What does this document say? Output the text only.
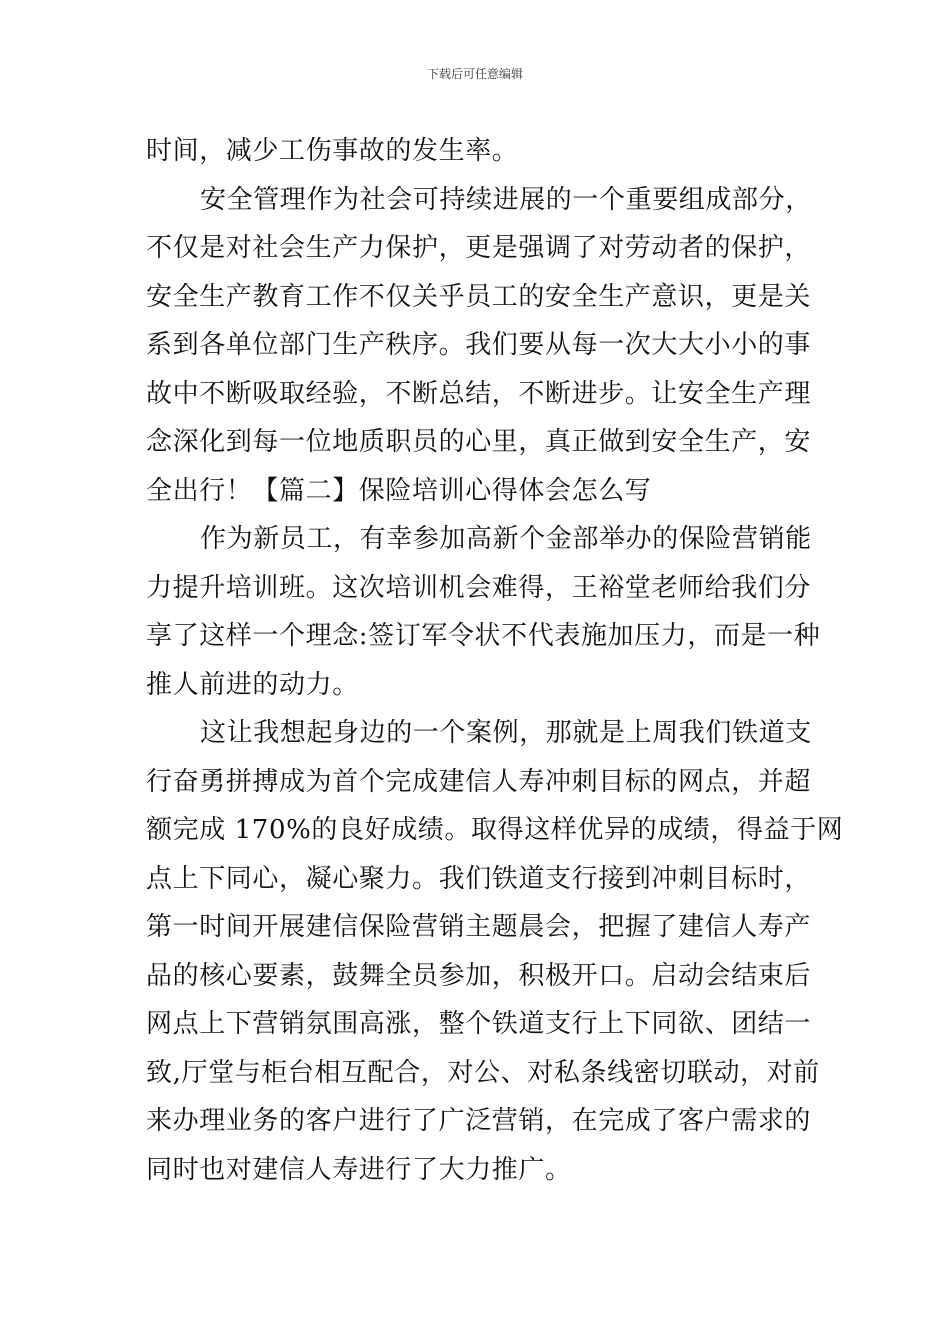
下载后可任意编辑
时间，减少工伤事故的发生率。
安全管理作为社会可持续进展的一个重要组成部分，
不仅是对社会生产力保护，更是强调了对劳动者的保护，
安全生产教育工作不仅关乎员工的安全生产意识，更是关
系到各单位部门生产秩序。我们要从每一次大大小小的事
故中不断吸取经验，不断总结，不断进步。让安全生产理
念深化到每一位地质职员的心里，真正做到安全生产，安
全出行！【篇二】保险培训心得体会怎么写
作为新员工，有幸参加高新个金部举办的保险营销能
力提升培训班。这次培训机会难得，王裕堂老师给我们分
享了这样一个理念:签订军令状不代表施加压力，而是一种
推人前进的动力。
这让我想起身边的一个案例，那就是上周我们铁道支
行奋勇拼搏成为首个完成建信人寿冲刺目标的网点，并超
额完成 170%的良好成绩。取得这样优异的成绩，得益于网
点上下同心，凝心聚力。我们铁道支行接到冲刺目标时，
第一时间开展建信保险营销主题晨会，把握了建信人寿产
品的核心要素，鼓舞全员参加，积极开口。启动会结束后
网点上下营销氛围高涨，整个铁道支行上下同欲、团结一
致,厅堂与柜台相互配合，对公、对私条线密切联动，对前
来办理业务的客户进行了广泛营销，在完成了客户需求的
同时也对建信人寿进行了大力推广。
